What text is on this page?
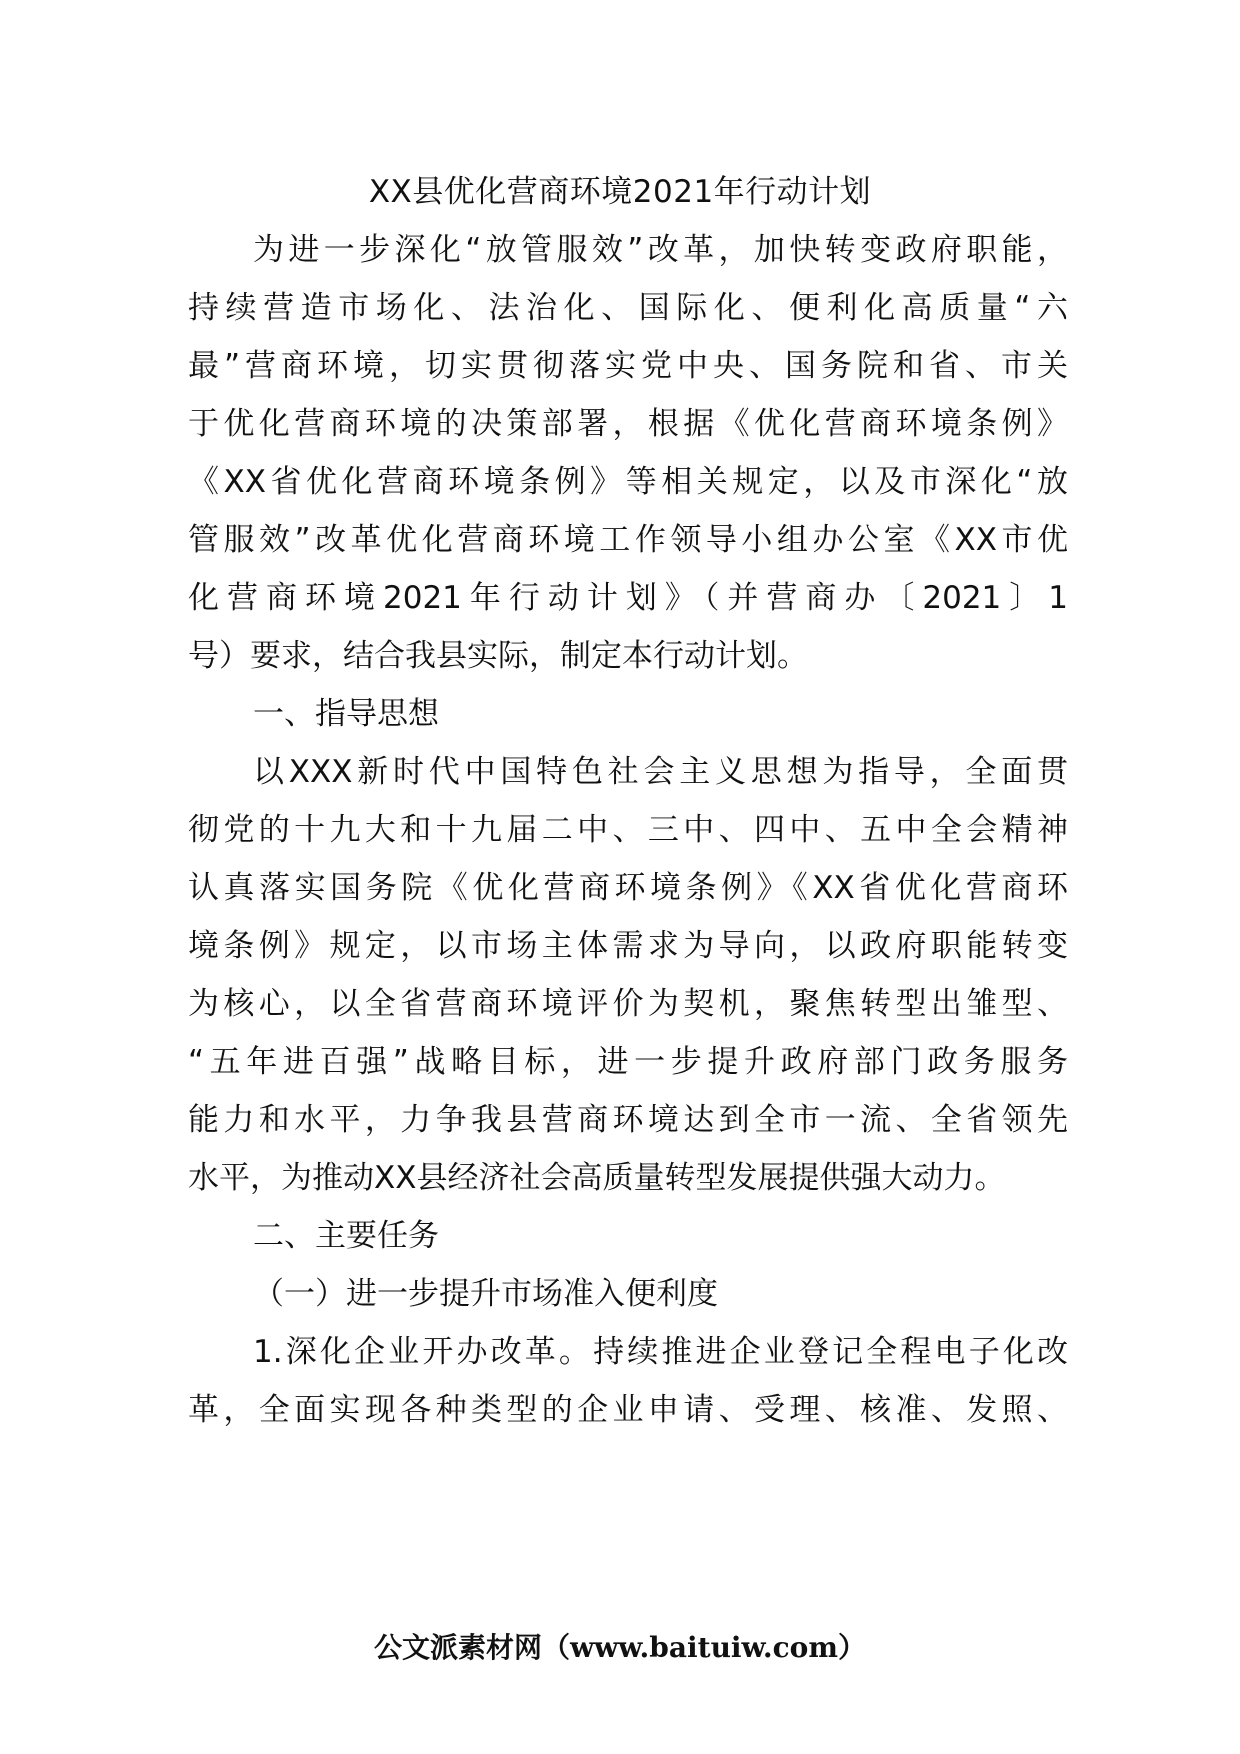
XX县优化营商环境2021年行动计划
为进一步深化“放管服效”改革，加快转变政府职能，
持续营造市场化、法治化、国际化、便利化高质量“六
最”营商环境，切实贯彻落实党中央、国务院和省、市关
于优化营商环境的决策部署，根据《优化营商环境条例》
《XX省优化营商环境条例》等相关规定，以及市深化“放
管服效”改革优化营商环境工作领导小组办公室《XX市优
化营商环境2021年行动计划》（并营商办〔2021〕1
号）要求，结合我县实际，制定本行动计划。
一、指导思想
以XXX新时代中国特色社会主义思想为指导，全面贯
彻党的十九大和十九届二中、三中、四中、五中全会精神
认真落实国务院《优化营商环境条例》《XX省优化营商环
境条例》规定，以市场主体需求为导向，以政府职能转变
为核心，以全省营商环境评价为契机，聚焦转型出雏型、
“五年进百强”战略目标，进一步提升政府部门政务服务
能力和水平，力争我县营商环境达到全市一流、全省领先
水平，为推动XX县经济社会高质量转型发展提供强大动力。
二、主要任务
（一）进一步提升市场准入便利度
1.深化企业开办改革。持续推进企业登记全程电子化改
革，全面实现各种类型的企业申请、受理、核准、发照、
公文派素材网（www.baituiw.com）
